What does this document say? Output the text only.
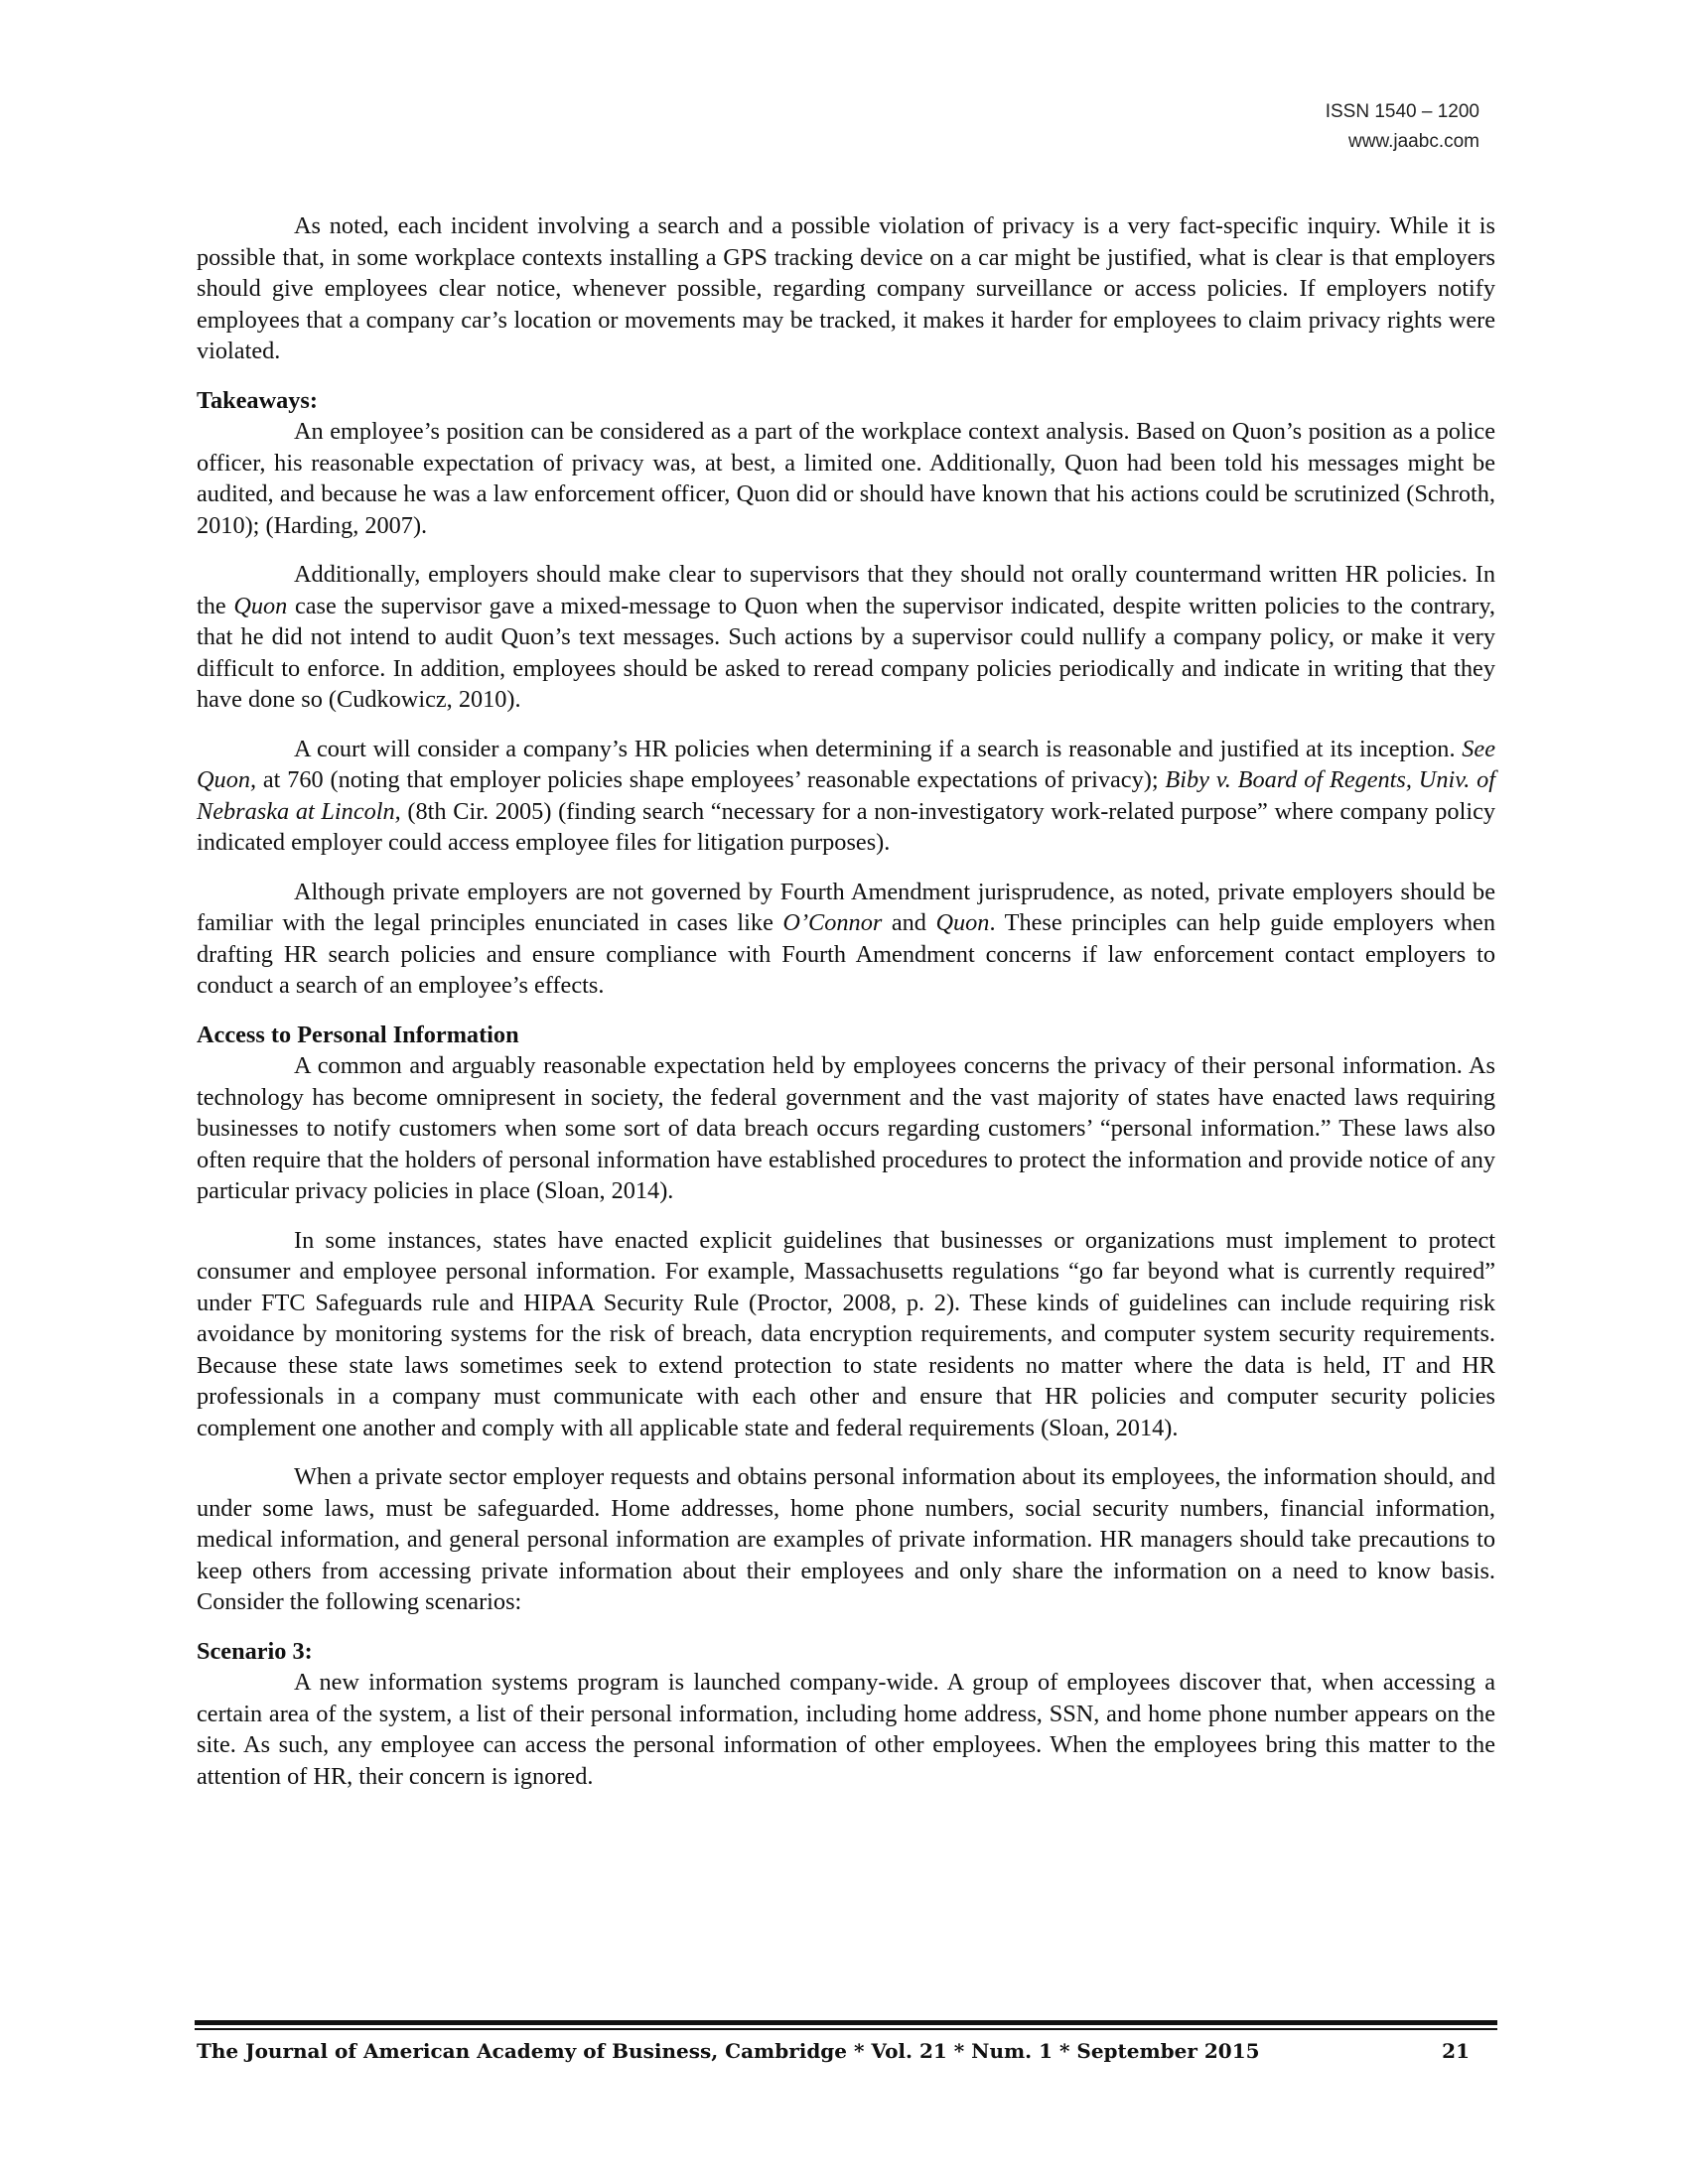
ISSN 1540 – 1200
www.jaabc.com

As noted, each incident involving a search and a possible violation of privacy is a very fact-specific inquiry. While it is possible that, in some workplace contexts installing a GPS tracking device on a car might be justified, what is clear is that employers should give employees clear notice, whenever possible, regarding company surveillance or access policies. If employers notify employees that a company car’s location or movements may be tracked, it makes it harder for employees to claim privacy rights were violated.

Takeaways:

An employee’s position can be considered as a part of the workplace context analysis. Based on Quon’s position as a police officer, his reasonable expectation of privacy was, at best, a limited one. Additionally, Quon had been told his messages might be audited, and because he was a law enforcement officer, Quon did or should have known that his actions could be scrutinized (Schroth, 2010); (Harding, 2007).

Additionally, employers should make clear to supervisors that they should not orally countermand written HR policies. In the Quon case the supervisor gave a mixed-message to Quon when the supervisor indicated, despite written policies to the contrary, that he did not intend to audit Quon’s text messages. Such actions by a supervisor could nullify a company policy, or make it very difficult to enforce. In addition, employees should be asked to reread company policies periodically and indicate in writing that they have done so (Cudkowicz, 2010).

A court will consider a company’s HR policies when determining if a search is reasonable and justified at its inception. See Quon, at 760 (noting that employer policies shape employees’ reasonable expectations of privacy); Biby v. Board of Regents, Univ. of Nebraska at Lincoln, (8th Cir. 2005) (finding search “necessary for a non-investigatory work-related purpose” where company policy indicated employer could access employee files for litigation purposes).

Although private employers are not governed by Fourth Amendment jurisprudence, as noted, private employers should be familiar with the legal principles enunciated in cases like O’Connor and Quon. These principles can help guide employers when drafting HR search policies and ensure compliance with Fourth Amendment concerns if law enforcement contact employers to conduct a search of an employee’s effects.

Access to Personal Information

A common and arguably reasonable expectation held by employees concerns the privacy of their personal information. As technology has become omnipresent in society, the federal government and the vast majority of states have enacted laws requiring businesses to notify customers when some sort of data breach occurs regarding customers’ “personal information.” These laws also often require that the holders of personal information have established procedures to protect the information and provide notice of any particular privacy policies in place (Sloan, 2014).

In some instances, states have enacted explicit guidelines that businesses or organizations must implement to protect consumer and employee personal information. For example, Massachusetts regulations “go far beyond what is currently required” under FTC Safeguards rule and HIPAA Security Rule (Proctor, 2008, p. 2). These kinds of guidelines can include requiring risk avoidance by monitoring systems for the risk of breach, data encryption requirements, and computer system security requirements. Because these state laws sometimes seek to extend protection to state residents no matter where the data is held, IT and HR professionals in a company must communicate with each other and ensure that HR policies and computer security policies complement one another and comply with all applicable state and federal requirements (Sloan, 2014).

When a private sector employer requests and obtains personal information about its employees, the information should, and under some laws, must be safeguarded. Home addresses, home phone numbers, social security numbers, financial information, medical information, and general personal information are examples of private information. HR managers should take precautions to keep others from accessing private information about their employees and only share the information on a need to know basis. Consider the following scenarios:

Scenario 3:

A new information systems program is launched company-wide. A group of employees discover that, when accessing a certain area of the system, a list of their personal information, including home address, SSN, and home phone number appears on the site. As such, any employee can access the personal information of other employees. When the employees bring this matter to the attention of HR, their concern is ignored.

The Journal of American Academy of Business, Cambridge * Vol. 21 * Num. 1 * September 2015	21
